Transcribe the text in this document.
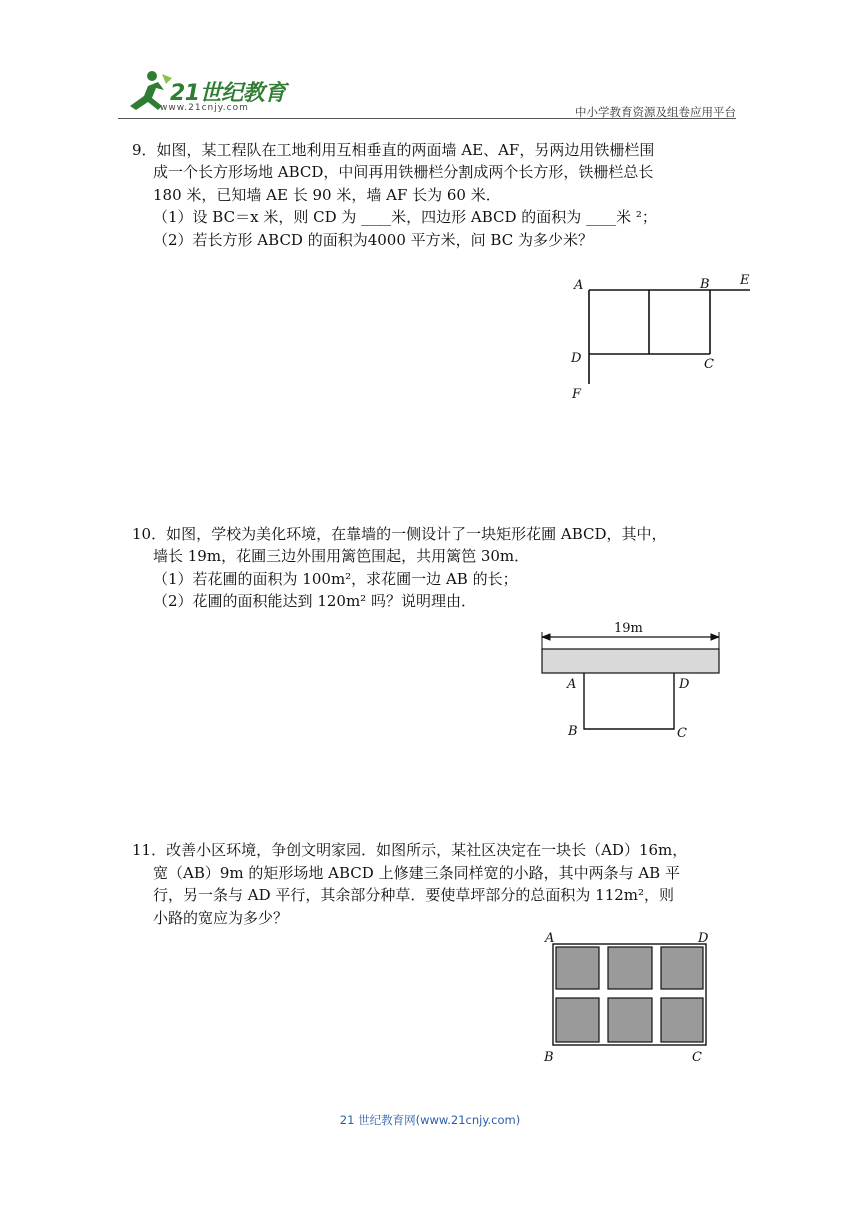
21世纪教育
www.21cnjy.com	中小学教育资源及组卷应用平台
9．如图，某工程队在工地利用互相垂直的两面墙 AE、AF，另两边用铁栅栏围
成一个长方形场地 ABCD，中间再用铁栅栏分割成两个长方形，铁栅栏总长
180 米，已知墙 AE 长 90 米，墙 AF 长为 60 米．
（1）设 BC＝x 米，则 CD 为 ____米，四边形 ABCD 的面积为 ____米 ²；
（2）若长方形 ABCD 的面积为4000 平方米，问 BC 为多少米？
A	B E
D	C
F
10．如图，学校为美化环境，在靠墙的一侧设计了一块矩形花圃 ABCD，其中，
墙长 19m，花圃三边外围用篱笆围起，共用篱笆 30m．
（1）若花圃的面积为 100m²，求花圃一边 AB 的长；
（2）花圃的面积能达到 120m² 吗？说明理由．
19m
A	D
B	C
11．改善小区环境，争创文明家园．如图所示，某社区决定在一块长（AD）16m，
宽（AB）9m 的矩形场地 ABCD 上修建三条同样宽的小路，其中两条与 AB 平
行，另一条与 AD 平行，其余部分种草．要使草坪部分的总面积为 112m²，则
小路的宽应为多少？
A	D
B	C
21 世纪教育网(www.21cnjy.com)
